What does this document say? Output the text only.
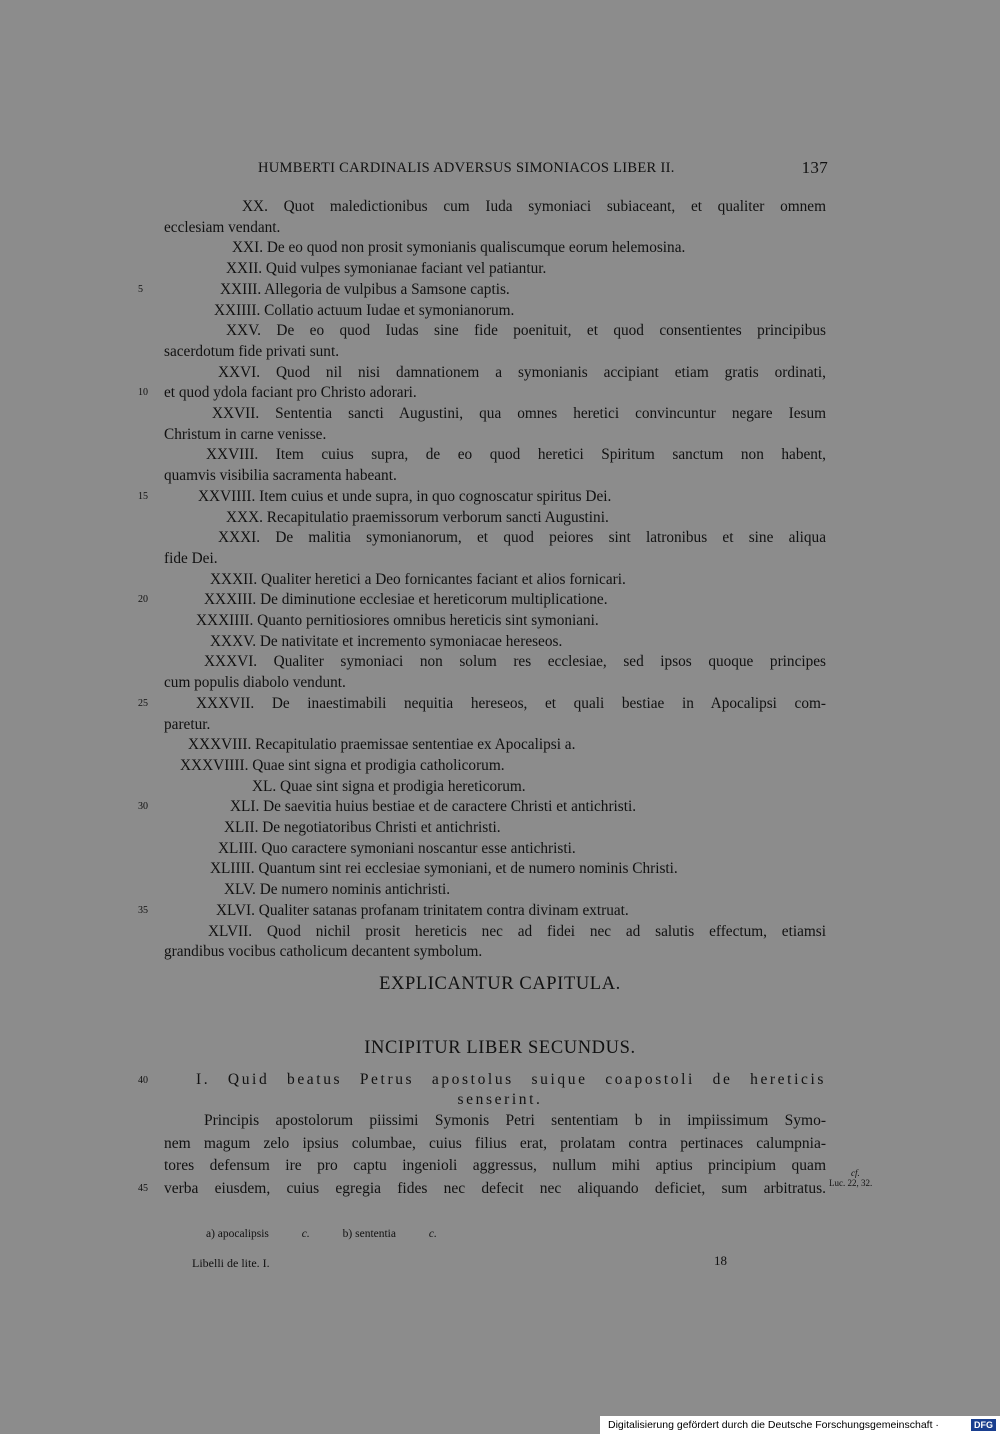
HUMBERTI CARDINALIS ADVERSUS SIMONIACOS LIBER II.	137
XX. Quot maledictionibus cum Iuda symoniaci subiaceant, et qualiter omnem
ecclesiam vendant.
XXI. De eo quod non prosit symonianis qualiscumque eorum helemosina.
XXII. Quid vulpes symonianae faciant vel patiantur.
XXIII. Allegoria de vulpibus a Samsone captis.
5
XXIIII. Collatio actuum Iudae et symonianorum.
XXV. De eo quod Iudas sine fide poenituit, et quod consentientes principibus
sacerdotum fide privati sunt.
XXVI. Quod nil nisi damnationem a symonianis accipiant etiam gratis ordinati,
et quod ydola faciant pro Christo adorari.
10
XXVII. Sententia sancti Augustini, qua omnes heretici convincuntur negare Iesum
Christum in carne venisse.
XXVIII. Item cuius supra, de eo quod heretici Spiritum sanctum non habent,
quamvis visibilia sacramenta habeant.
XXVIIII. Item cuius et unde supra, in quo cognoscatur spiritus Dei.
15
XXX. Recapitulatio praemissorum verborum sancti Augustini.
XXXI. De malitia symonianorum, et quod peiores sint latronibus et sine aliqua
fide Dei.
XXXII. Qualiter heretici a Deo fornicantes faciant et alios fornicari.
XXXIII. De diminutione ecclesiae et hereticorum multiplicatione.
20
XXXIIII. Quanto pernitiosiores omnibus hereticis sint symoniani.
XXXV. De nativitate et incremento symoniacae hereseos.
XXXVI. Qualiter symoniaci non solum res ecclesiae, sed ipsos quoque principes
cum populis diabolo vendunt.
XXXVII. De inaestimabili nequitia hereseos, et quali bestiae in Apocalipsi com-
25
paretur.
XXXVIII. Recapitulatio praemissae sententiae ex Apocalipsi a.
XXXVIIII. Quae sint signa et prodigia catholicorum.
XL. Quae sint signa et prodigia hereticorum.
XLI. De saevitia huius bestiae et de caractere Christi et antichristi.
30
XLII. De negotiatoribus Christi et antichristi.
XLIII. Quo caractere symoniani noscantur esse antichristi.
XLIIII. Quantum sint rei ecclesiae symoniani, et de numero nominis Christi.
XLV. De numero nominis antichristi.
XLVI. Qualiter satanas profanam trinitatem contra divinam extruat.
35
XLVII. Quod nichil prosit hereticis nec ad fidei nec ad salutis effectum, etiamsi
grandibus vocibus catholicum decantent symbolum.
EXPLICANTUR CAPITULA.
INCIPITUR LIBER SECUNDUS.
40	I. Quid beatus Petrus apostolus suique coapostoli de hereticis
senserint.
Principis apostolorum piissimi Symonis Petri sententiam b in impiissimum Symo-
nem magum zelo ipsius columbae, cuius filius erat, prolatam contra pertinaces calumpnia-
tores defensum ire pro captu ingenioli aggressus, nullum mihi aptius principium quam
verba eiusdem, cuius egregia fides nec defecit nec aliquando deficiet, sum arbitratus.
45
cf.
Luc. 22, 32.
a) apocalipsis	c.	b) sententia	c.
Libelli de lite. I.	18
Digitalisierung gefördert durch die Deutsche Forschungsgemeinschaft ·	DFG
